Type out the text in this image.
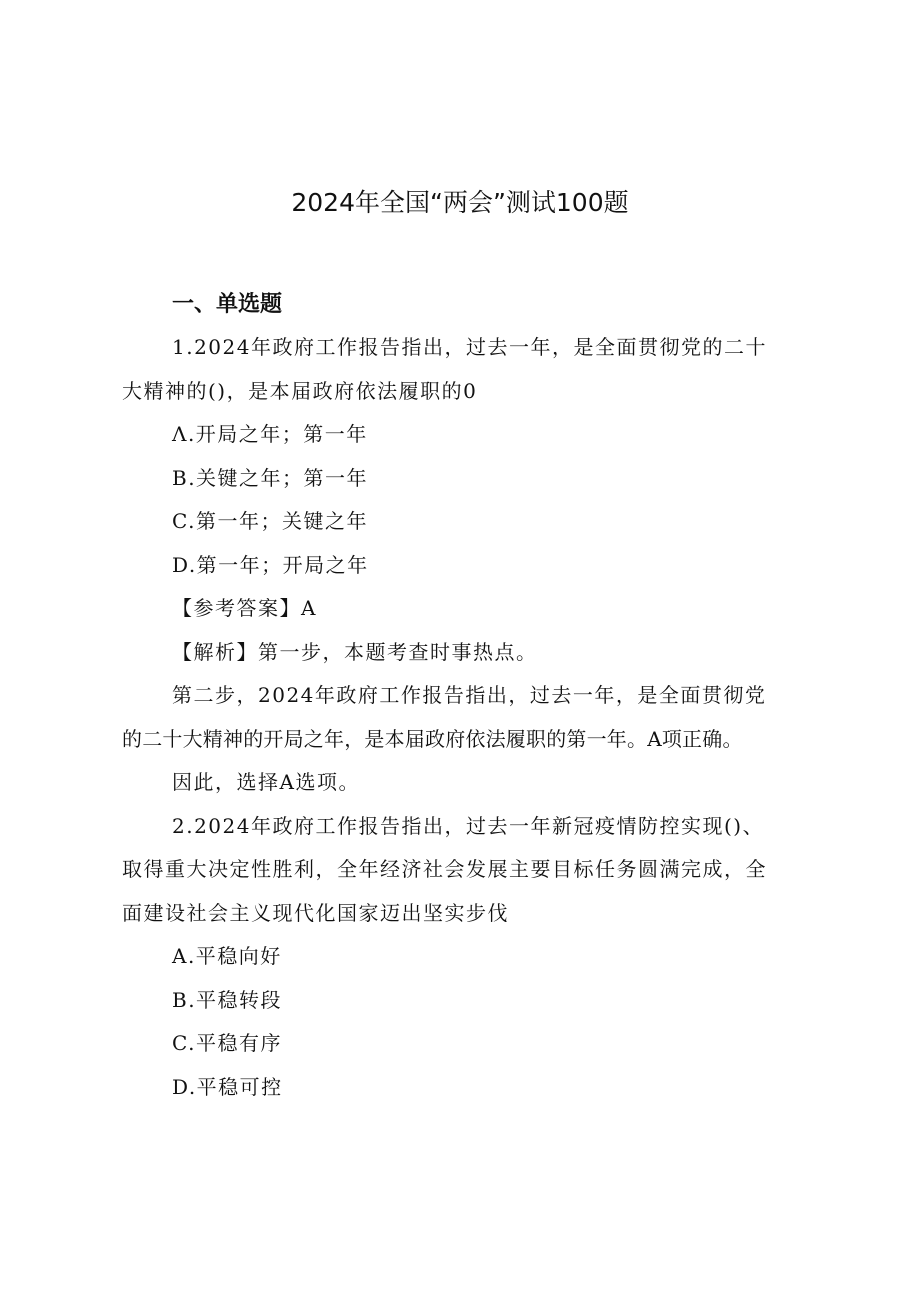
2024年全国“两会”测试100题
一、单选题

1.2024年政府工作报告指出，过去一年，是全面贯彻党的二十

大精神的()，是本届政府依法履职的0

Λ.开局之年；第一年

B.关键之年；第一年

C.第一年；关键之年

D.第一年；开局之年

【参考答案】A

【解析】第一步，本题考查时事热点。

第二步，2024年政府工作报告指出，过去一年，是全面贯彻党

的二十大精神的开局之年，是本届政府依法履职的第一年。A项正确。

因此，选择A选项。

2.2024年政府工作报告指出，过去一年新冠疫情防控实现()、

取得重大决定性胜利，全年经济社会发展主要目标任务圆满完成，全

面建设社会主义现代化国家迈出坚实步伐

A.平稳向好

B.平稳转段

C.平稳有序

D.平稳可控
